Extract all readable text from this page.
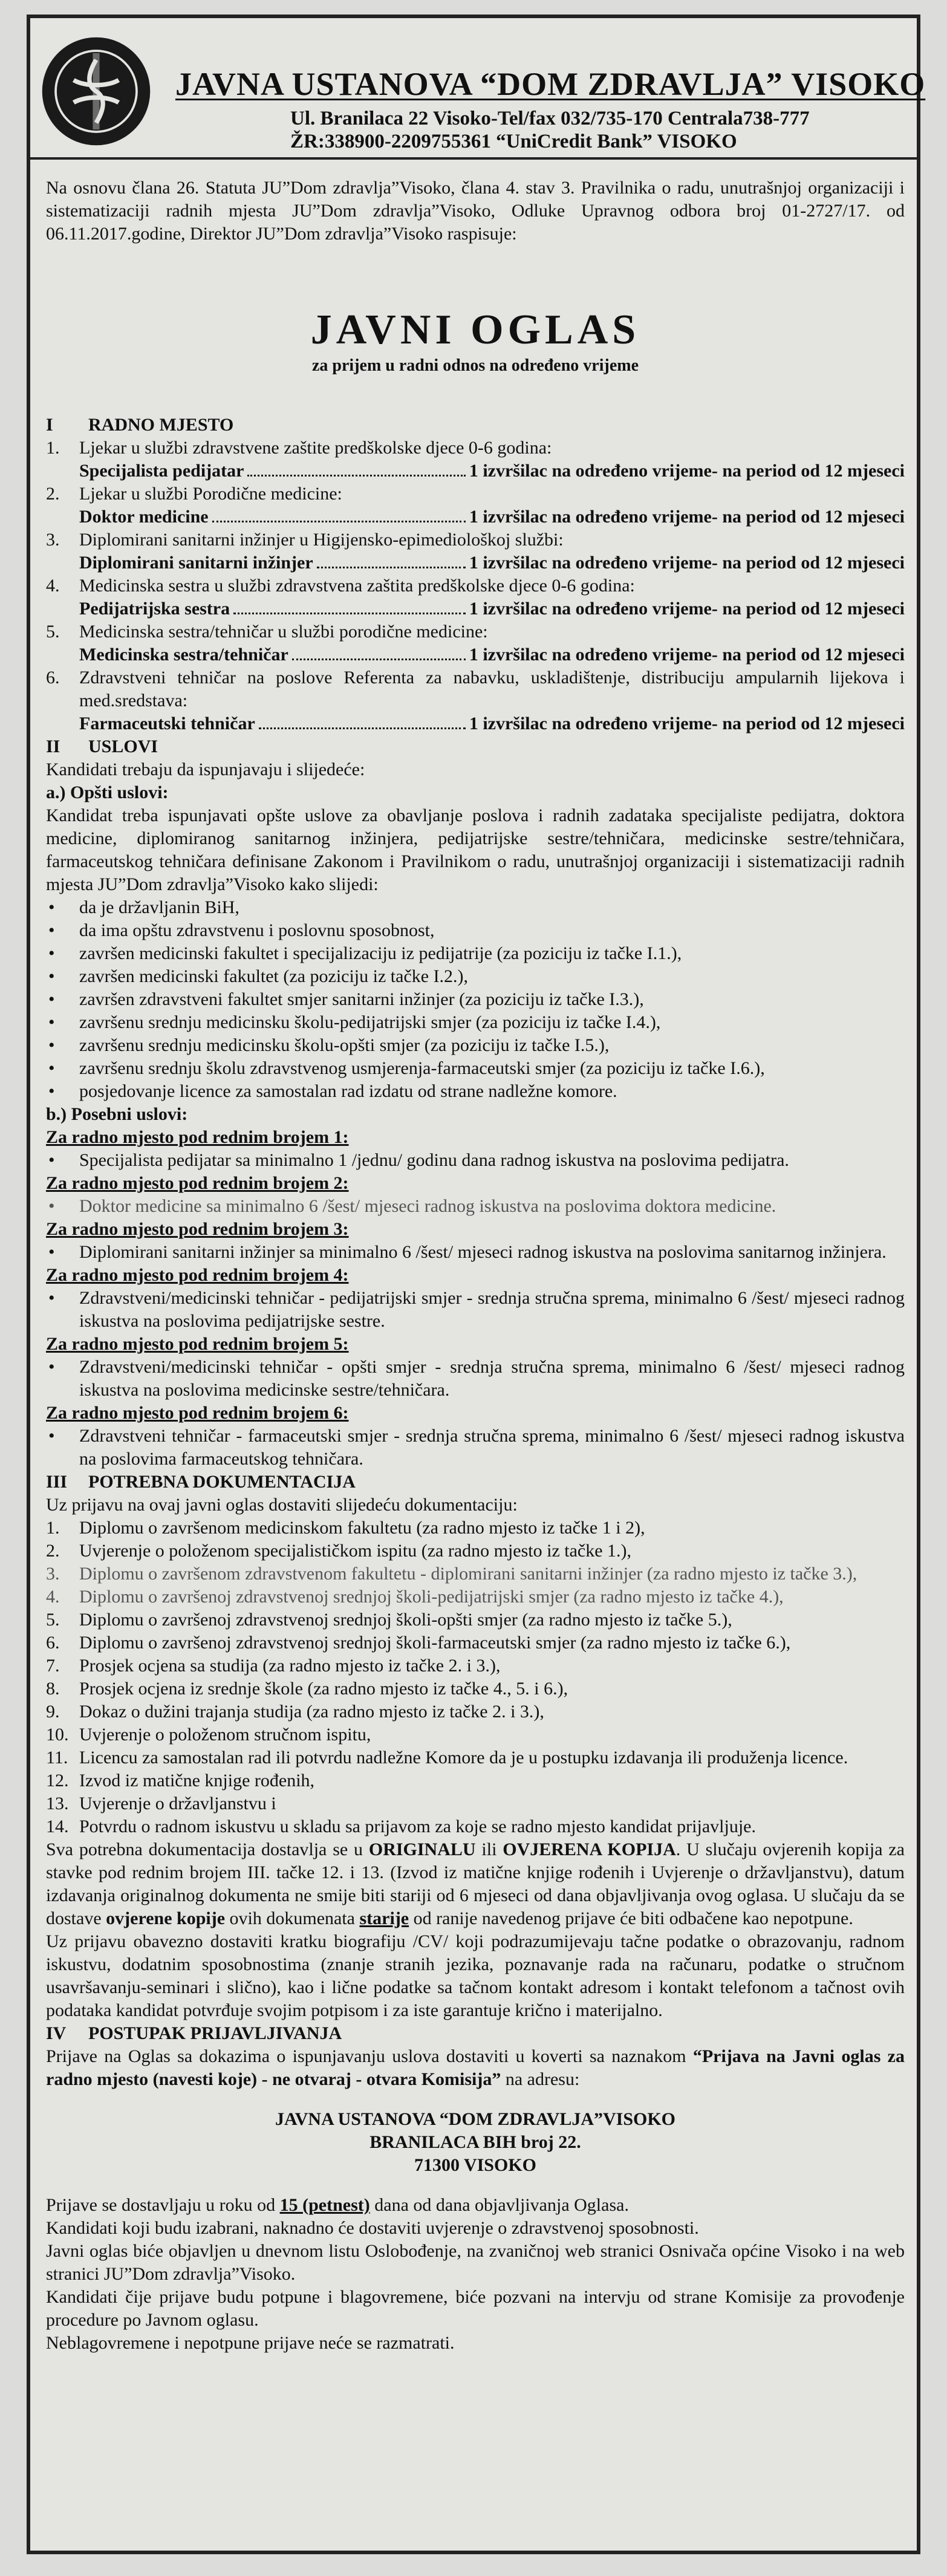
JAVNA USTANOVA “DOM ZDRAVLJA” VISOKO
Ul. Branilaca 22 Visoko-Tel/fax 032/735-170 Centrala738-777
ŽR:338900-2209755361 “UniCredit Bank” VISOKO
Na osnovu člana 26. Statuta JU”Dom zdravlja”Visoko, člana 4. stav 3. Pravilnika o radu, unutrašnjoj organizaciji i sistematizaciji radnih mjesta JU”Dom zdravlja”Visoko, Odluke Upravnog odbora broj 01-2727/17. od 06.11.2017.godine, Direktor JU”Dom zdravlja”Visoko raspisuje:
JAVNI OGLAS
za prijem u radni odnos na određeno vrijeme
I RADNO MJESTO
1.	Ljekar u službi zdravstvene zaštite predškolske djece 0-6 godina:
Specijalista pedijatar	1 izvršilac na određeno vrijeme- na period od 12 mjeseci
2.	Ljekar u službi Porodične medicine:
Doktor medicine	1 izvršilac na određeno vrijeme- na period od 12 mjeseci
3.	Diplomirani sanitarni inžinjer u Higijensko-epimediološkoj službi:
Diplomirani sanitarni inžinjer	1 izvršilac na određeno vrijeme- na period od 12 mjeseci
4.	Medicinska sestra u službi zdravstvena zaštita predškolske djece 0-6 godina:
Pedijatrijska sestra	1 izvršilac na određeno vrijeme- na period od 12 mjeseci
5.	Medicinska sestra/tehničar u službi porodične medicine:
Medicinska sestra/tehničar	1 izvršilac na određeno vrijeme- na period od 12 mjeseci
6.	Zdravstveni tehničar na poslove Referenta za nabavku, uskladištenje, distribuciju ampularnih lijekova i med.sredstava:
Farmaceutski tehničar	1 izvršilac na određeno vrijeme- na period od 12 mjeseci
II USLOVI
Kandidati trebaju da ispunjavaju i slijedeće:
a.) Opšti uslovi:
Kandidat treba ispunjavati opšte uslove za obavljanje poslova i radnih zadataka specijaliste pedijatra, doktora medicine, diplomiranog sanitarnog inžinjera, pedijatrijske sestre/tehničara, medicinske sestre/tehničara, farmaceutskog tehničara definisane Zakonom i Pravilnikom o radu, unutrašnjoj organizaciji i sistematizaciji radnih mjesta JU”Dom zdravlja”Visoko kako slijedi:
•	da je državljanin BiH,
•	da ima opštu zdravstvenu i poslovnu sposobnost,
•	završen medicinski fakultet i specijalizaciju iz pedijatrije (za poziciju iz tačke I.1.),
•	završen medicinski fakultet (za poziciju iz tačke I.2.),
•	završen zdravstveni fakultet smjer sanitarni inžinjer (za poziciju iz tačke I.3.),
•	završenu srednju medicinsku školu-pedijatrijski smjer (za poziciju iz tačke I.4.),
•	završenu srednju medicinsku školu-opšti smjer (za poziciju iz tačke I.5.),
•	završenu srednju školu zdravstvenog usmjerenja-farmaceutski smjer (za poziciju iz tačke I.6.),
•	posjedovanje licence za samostalan rad izdatu od strane nadležne komore.
b.) Posebni uslovi:
Za radno mjesto pod rednim brojem 1:
•	Specijalista pedijatar sa minimalno 1 /jednu/ godinu dana radnog iskustva na poslovima pedijatra.
Za radno mjesto pod rednim brojem 2:
•	Doktor medicine sa minimalno 6 /šest/ mjeseci radnog iskustva na poslovima doktora medicine.
Za radno mjesto pod rednim brojem 3:
•	Diplomirani sanitarni inžinjer sa minimalno 6 /šest/ mjeseci radnog iskustva na poslovima sanitarnog inžinjera.
Za radno mjesto pod rednim brojem 4:
•	Zdravstveni/medicinski tehničar - pedijatrijski smjer - srednja stručna sprema, minimalno 6 /šest/ mjeseci radnog iskustva na poslovima pedijatrijske sestre.
Za radno mjesto pod rednim brojem 5:
•	Zdravstveni/medicinski tehničar - opšti smjer - srednja stručna sprema, minimalno 6 /šest/ mjeseci radnog iskustva na poslovima medicinske sestre/tehničara.
Za radno mjesto pod rednim brojem 6:
•	Zdravstveni tehničar - farmaceutski smjer - srednja stručna sprema, minimalno 6 /šest/ mjeseci radnog iskustva na poslovima farmaceutskog tehničara.
III POTREBNA DOKUMENTACIJA
Uz prijavu na ovaj javni oglas dostaviti slijedeću dokumentaciju:
1.	Diplomu o završenom medicinskom fakultetu (za radno mjesto iz tačke 1 i 2),
2.	Uvjerenje o položenom specijalističkom ispitu (za radno mjesto iz tačke 1.),
3.	Diplomu o završenom zdravstvenom fakultetu - diplomirani sanitarni inžinjer (za radno mjesto iz tačke 3.),
4.	Diplomu o završenoj zdravstvenoj srednjoj školi-pedijatrijski smjer (za radno mjesto iz tačke 4.),
5.	Diplomu o završenoj zdravstvenoj srednjoj školi-opšti smjer (za radno mjesto iz tačke 5.),
6.	Diplomu o završenoj zdravstvenoj srednjoj školi-farmaceutski smjer (za radno mjesto iz tačke 6.),
7.	Prosjek ocjena sa studija (za radno mjesto iz tačke 2. i 3.),
8.	Prosjek ocjena iz srednje škole (za radno mjesto iz tačke 4., 5. i 6.),
9.	Dokaz o dužini trajanja studija (za radno mjesto iz tačke 2. i 3.),
10. Uvjerenje o položenom stručnom ispitu,
11. Licencu za samostalan rad ili potvrdu nadležne Komore da je u postupku izdavanja ili produženja licence.
12. Izvod iz matične knjige rođenih,
13. Uvjerenje o državljanstvu i
14. Potvrdu o radnom iskustvu u skladu sa prijavom za koje se radno mjesto kandidat prijavljuje.
Sva potrebna dokumentacija dostavlja se u ORIGINALU ili OVJERENA KOPIJA. U slučaju ovjerenih kopija za stavke pod rednim brojem III. tačke 12. i 13. (Izvod iz matične knjige rođenih i Uvjerenje o državljanstvu), datum izdavanja originalnog dokumenta ne smije biti stariji od 6 mjeseci od dana objavljivanja ovog oglasa. U slučaju da se dostave ovjerene kopije ovih dokumenata starije od ranije navedenog prijave će biti odbačene kao nepotpune.
Uz prijavu obavezno dostaviti kratku biografiju /CV/ koji podrazumijevaju tačne podatke o obrazovanju, radnom iskustvu, dodatnim sposobnostima (znanje stranih jezika, poznavanje rada na računaru, podatke o stručnom usavršavanju-seminari i slično), kao i lične podatke sa tačnom kontakt adresom i kontakt telefonom a tačnost ovih podataka kandidat potvrđuje svojim potpisom i za iste garantuje krično i materijalno.
IV POSTUPAK PRIJAVLJIVANJA
Prijave na Oglas sa dokazima o ispunjavanju uslova dostaviti u koverti sa naznakom “Prijava na Javni oglas za radno mjesto (navesti koje) - ne otvaraj - otvara Komisija” na adresu:
JAVNA USTANOVA “DOM ZDRAVLJA”VISOKO
BRANILACA BIH broj 22.
71300 VISOKO
Prijave se dostavljaju u roku od 15 (petnest) dana od dana objavljivanja Oglasa.
Kandidati koji budu izabrani, naknadno će dostaviti uvjerenje o zdravstvenoj sposobnosti.
Javni oglas biće objavljen u dnevnom listu Oslobođenje, na zvaničnoj web stranici Osnivača općine Visoko i na web stranici JU”Dom zdravlja”Visoko.
Kandidati čije prijave budu potpune i blagovremene, biće pozvani na intervju od strane Komisije za provođenje procedure po Javnom oglasu.
Neblagovremene i nepotpune prijave neće se razmatrati.
